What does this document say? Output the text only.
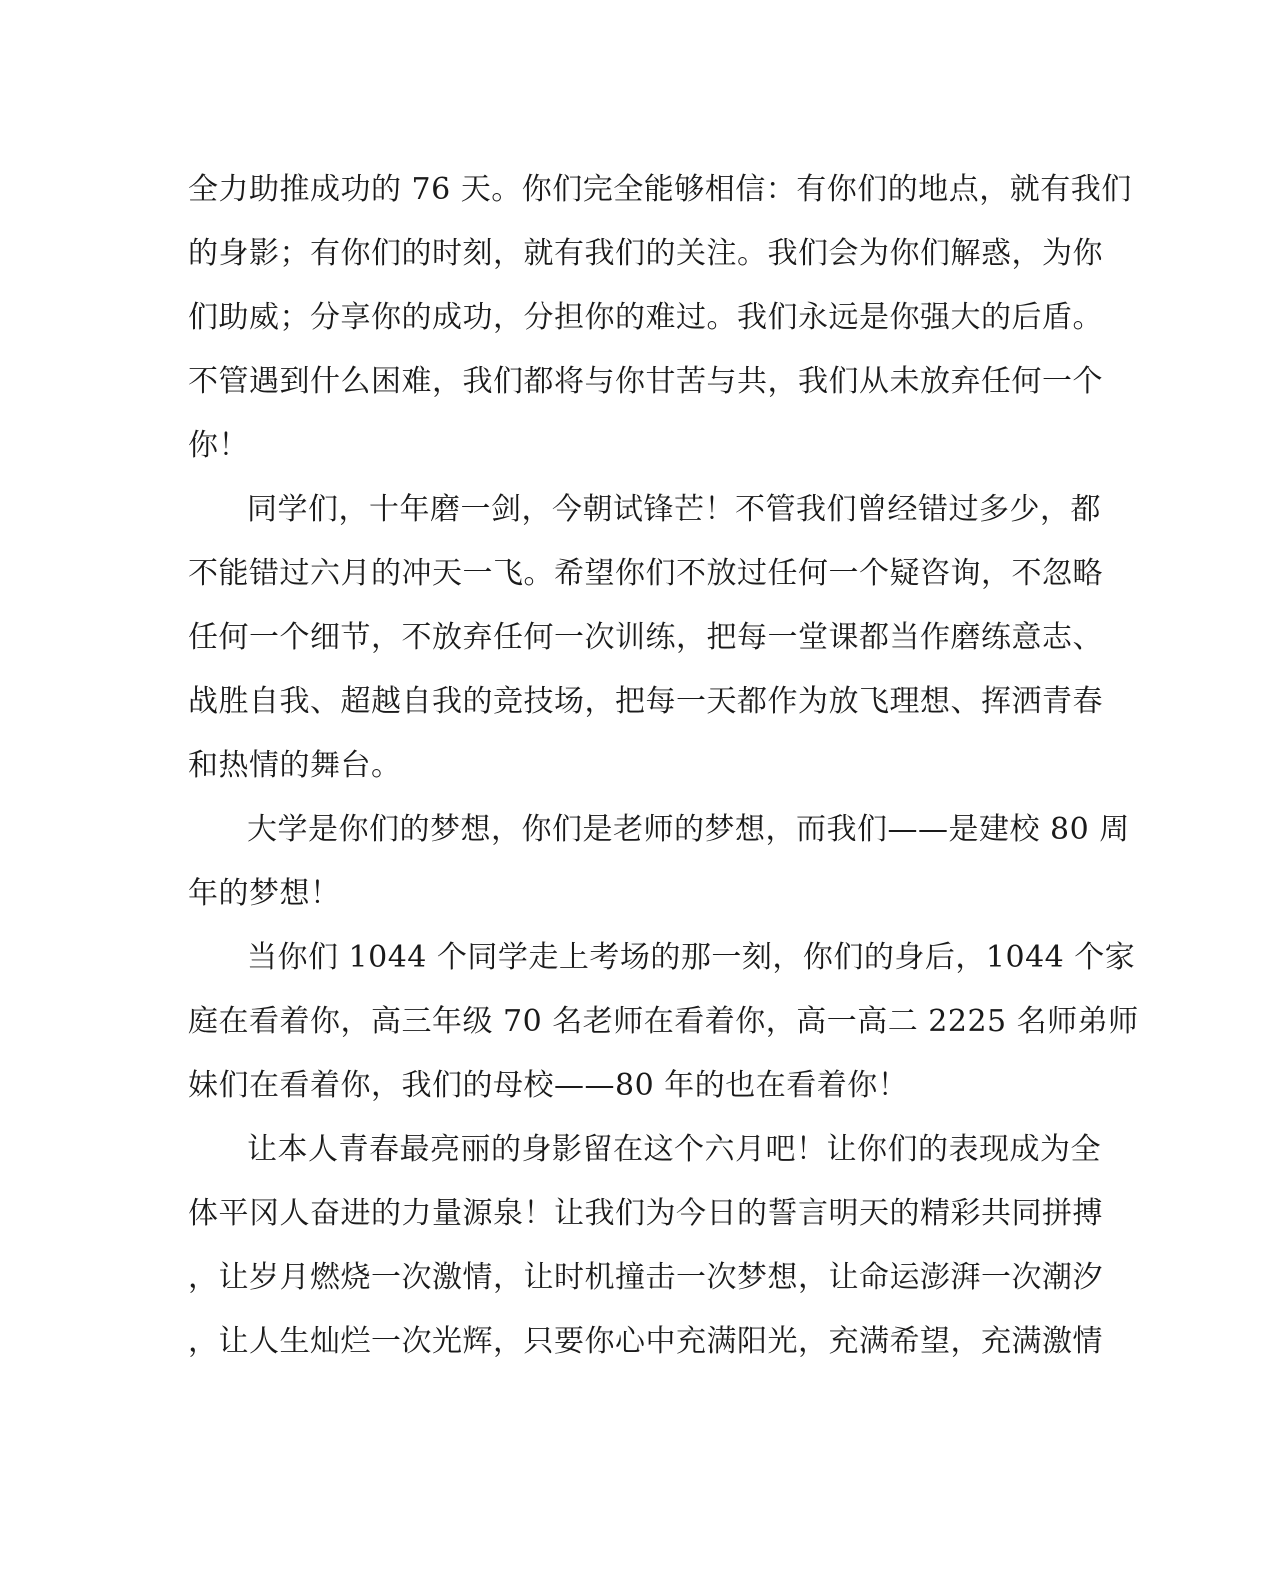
全力助推成功的 76 天。你们完全能够相信：有你们的地点，就有我们
的身影；有你们的时刻，就有我们的关注。我们会为你们解惑，为你
们助威；分享你的成功，分担你的难过。我们永远是你强大的后盾。
不管遇到什么困难，我们都将与你甘苦与共，我们从未放弃任何一个
你！
同学们，十年磨一剑，今朝试锋芒！不管我们曾经错过多少，都
不能错过六月的冲天一飞。希望你们不放过任何一个疑咨询，不忽略
任何一个细节，不放弃任何一次训练，把每一堂课都当作磨练意志、
战胜自我、超越自我的竞技场，把每一天都作为放飞理想、挥洒青春
和热情的舞台。
大学是你们的梦想，你们是老师的梦想，而我们——是建校 80 周
年的梦想！
当你们 1044 个同学走上考场的那一刻，你们的身后，1044 个家
庭在看着你，高三年级 70 名老师在看着你，高一高二 2225 名师弟师
妹们在看着你，我们的母校——80 年的也在看着你！
让本人青春最亮丽的身影留在这个六月吧！让你们的表现成为全
体平冈人奋进的力量源泉！让我们为今日的誓言明天的精彩共同拼搏
，让岁月燃烧一次激情，让时机撞击一次梦想，让命运澎湃一次潮汐
，让人生灿烂一次光辉，只要你心中充满阳光，充满希望，充满激情
